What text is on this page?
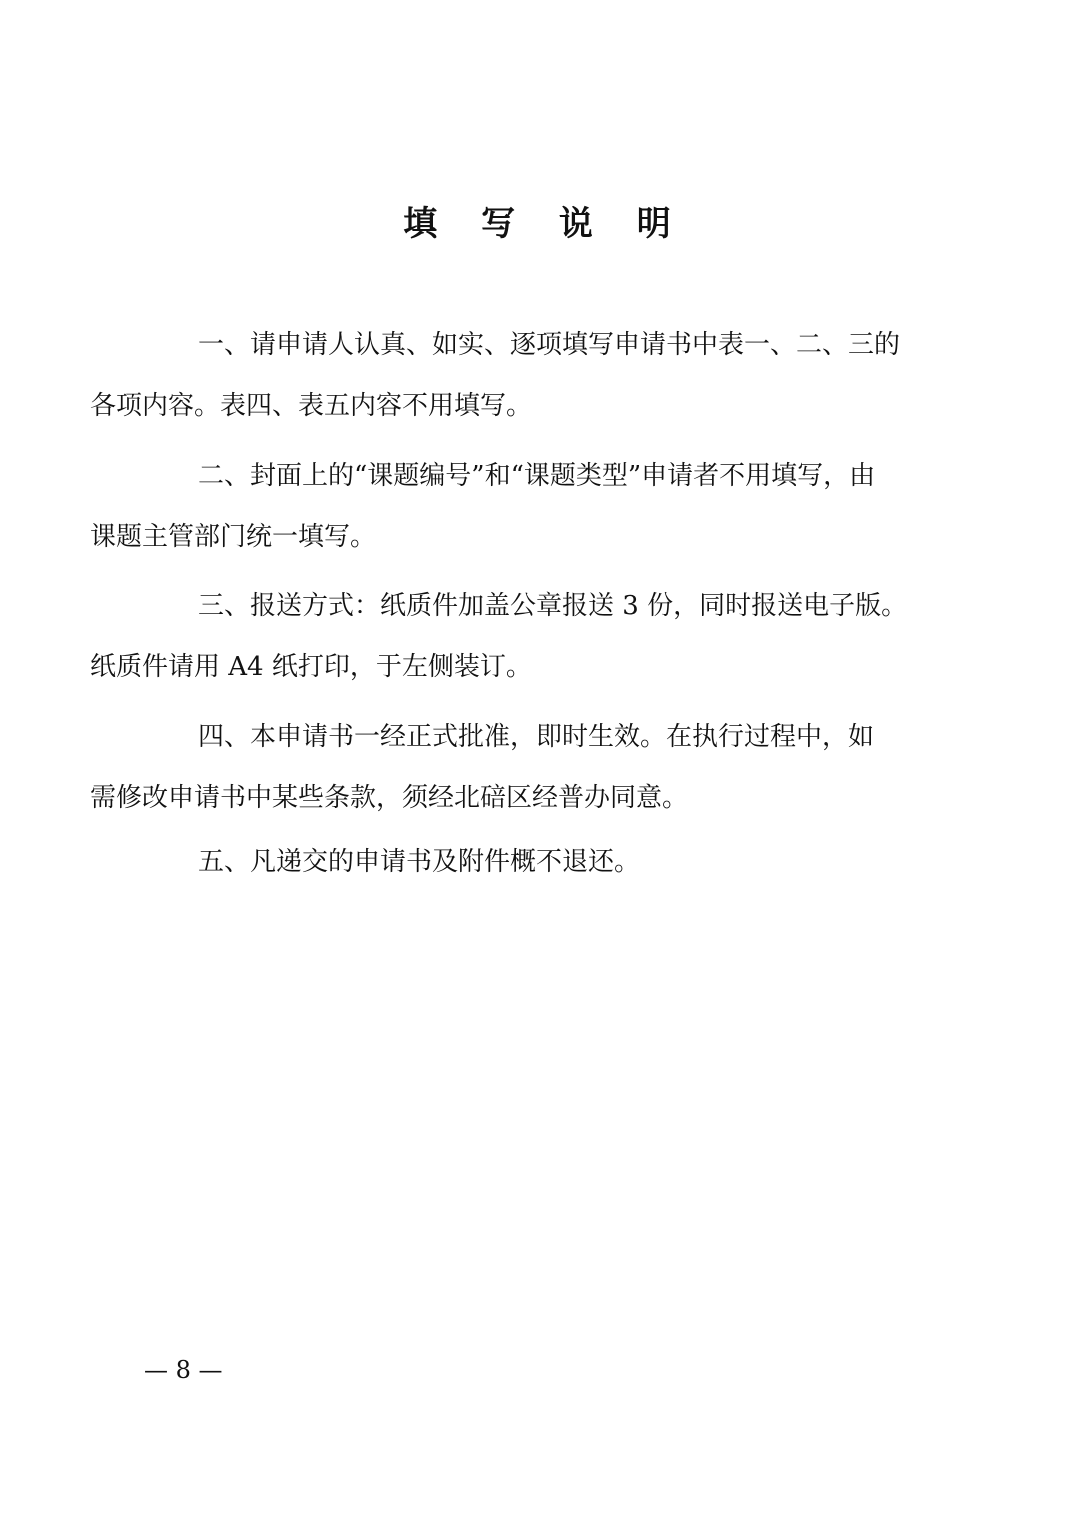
填 写 说 明

一、请申请人认真、如实、逐项填写申请书中表一、二、三的
各项内容。表四、表五内容不用填写。

二、封面上的“课题编号”和“课题类型”申请者不用填写，由
课题主管部门统一填写。

三、报送方式：纸质件加盖公章报送 3 份，同时报送电子版。
纸质件请用 A4 纸打印，于左侧装订。

四、本申请书一经正式批准，即时生效。在执行过程中，如
需修改申请书中某些条款，须经北碚区经普办同意。

五、凡递交的申请书及附件概不退还。

— 8 —
